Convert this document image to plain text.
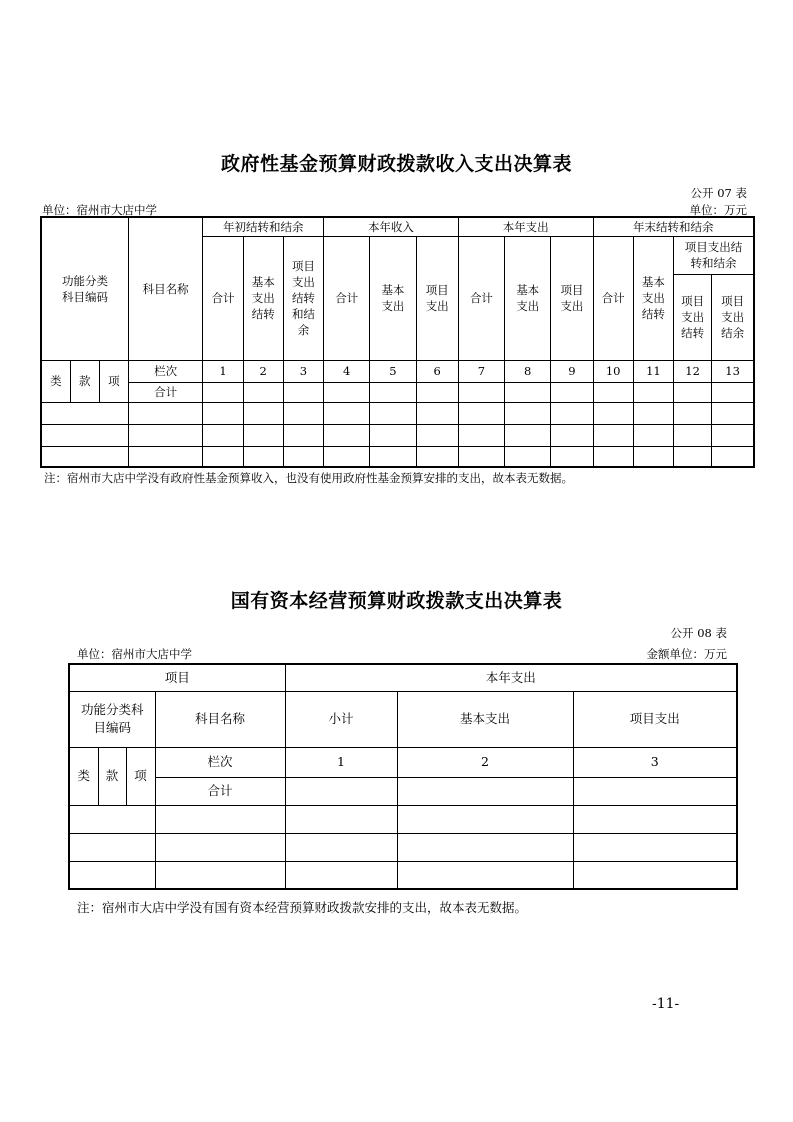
政府性基金预算财政拨款收入支出决算表
公开 07 表
单位：宿州市大店中学	单位：万元
功能分类科目编码			科目名称	年初结转和结余			本年收入			本年支出			年末结转和结余			
				合计	基本支出结转	项目支出结转和结余	合计	基本支出	项目支出	合计	基本支出	项目支出	合计	基本支出结转	项目支出结转和结余	
															项目支出结转	项目支出结余
类	款	项	栏次	1	2	3	4	5	6	7	8	9	10	11	12	13
			合计													

注：宿州市大店中学没有政府性基金预算收入，也没有使用政府性基金预算安排的支出，故本表无数据。
国有资本经营预算财政拨款支出决算表
公开 08 表
单位：宿州市大店中学	金额单位：万元
项目				本年支出		
功能分类科目编码			科目名称	小计	基本支出	项目支出
类	款	项	栏次	1	2	3
			合计			

注：宿州市大店中学没有国有资本经营预算财政拨款安排的支出，故本表无数据。
-11-
